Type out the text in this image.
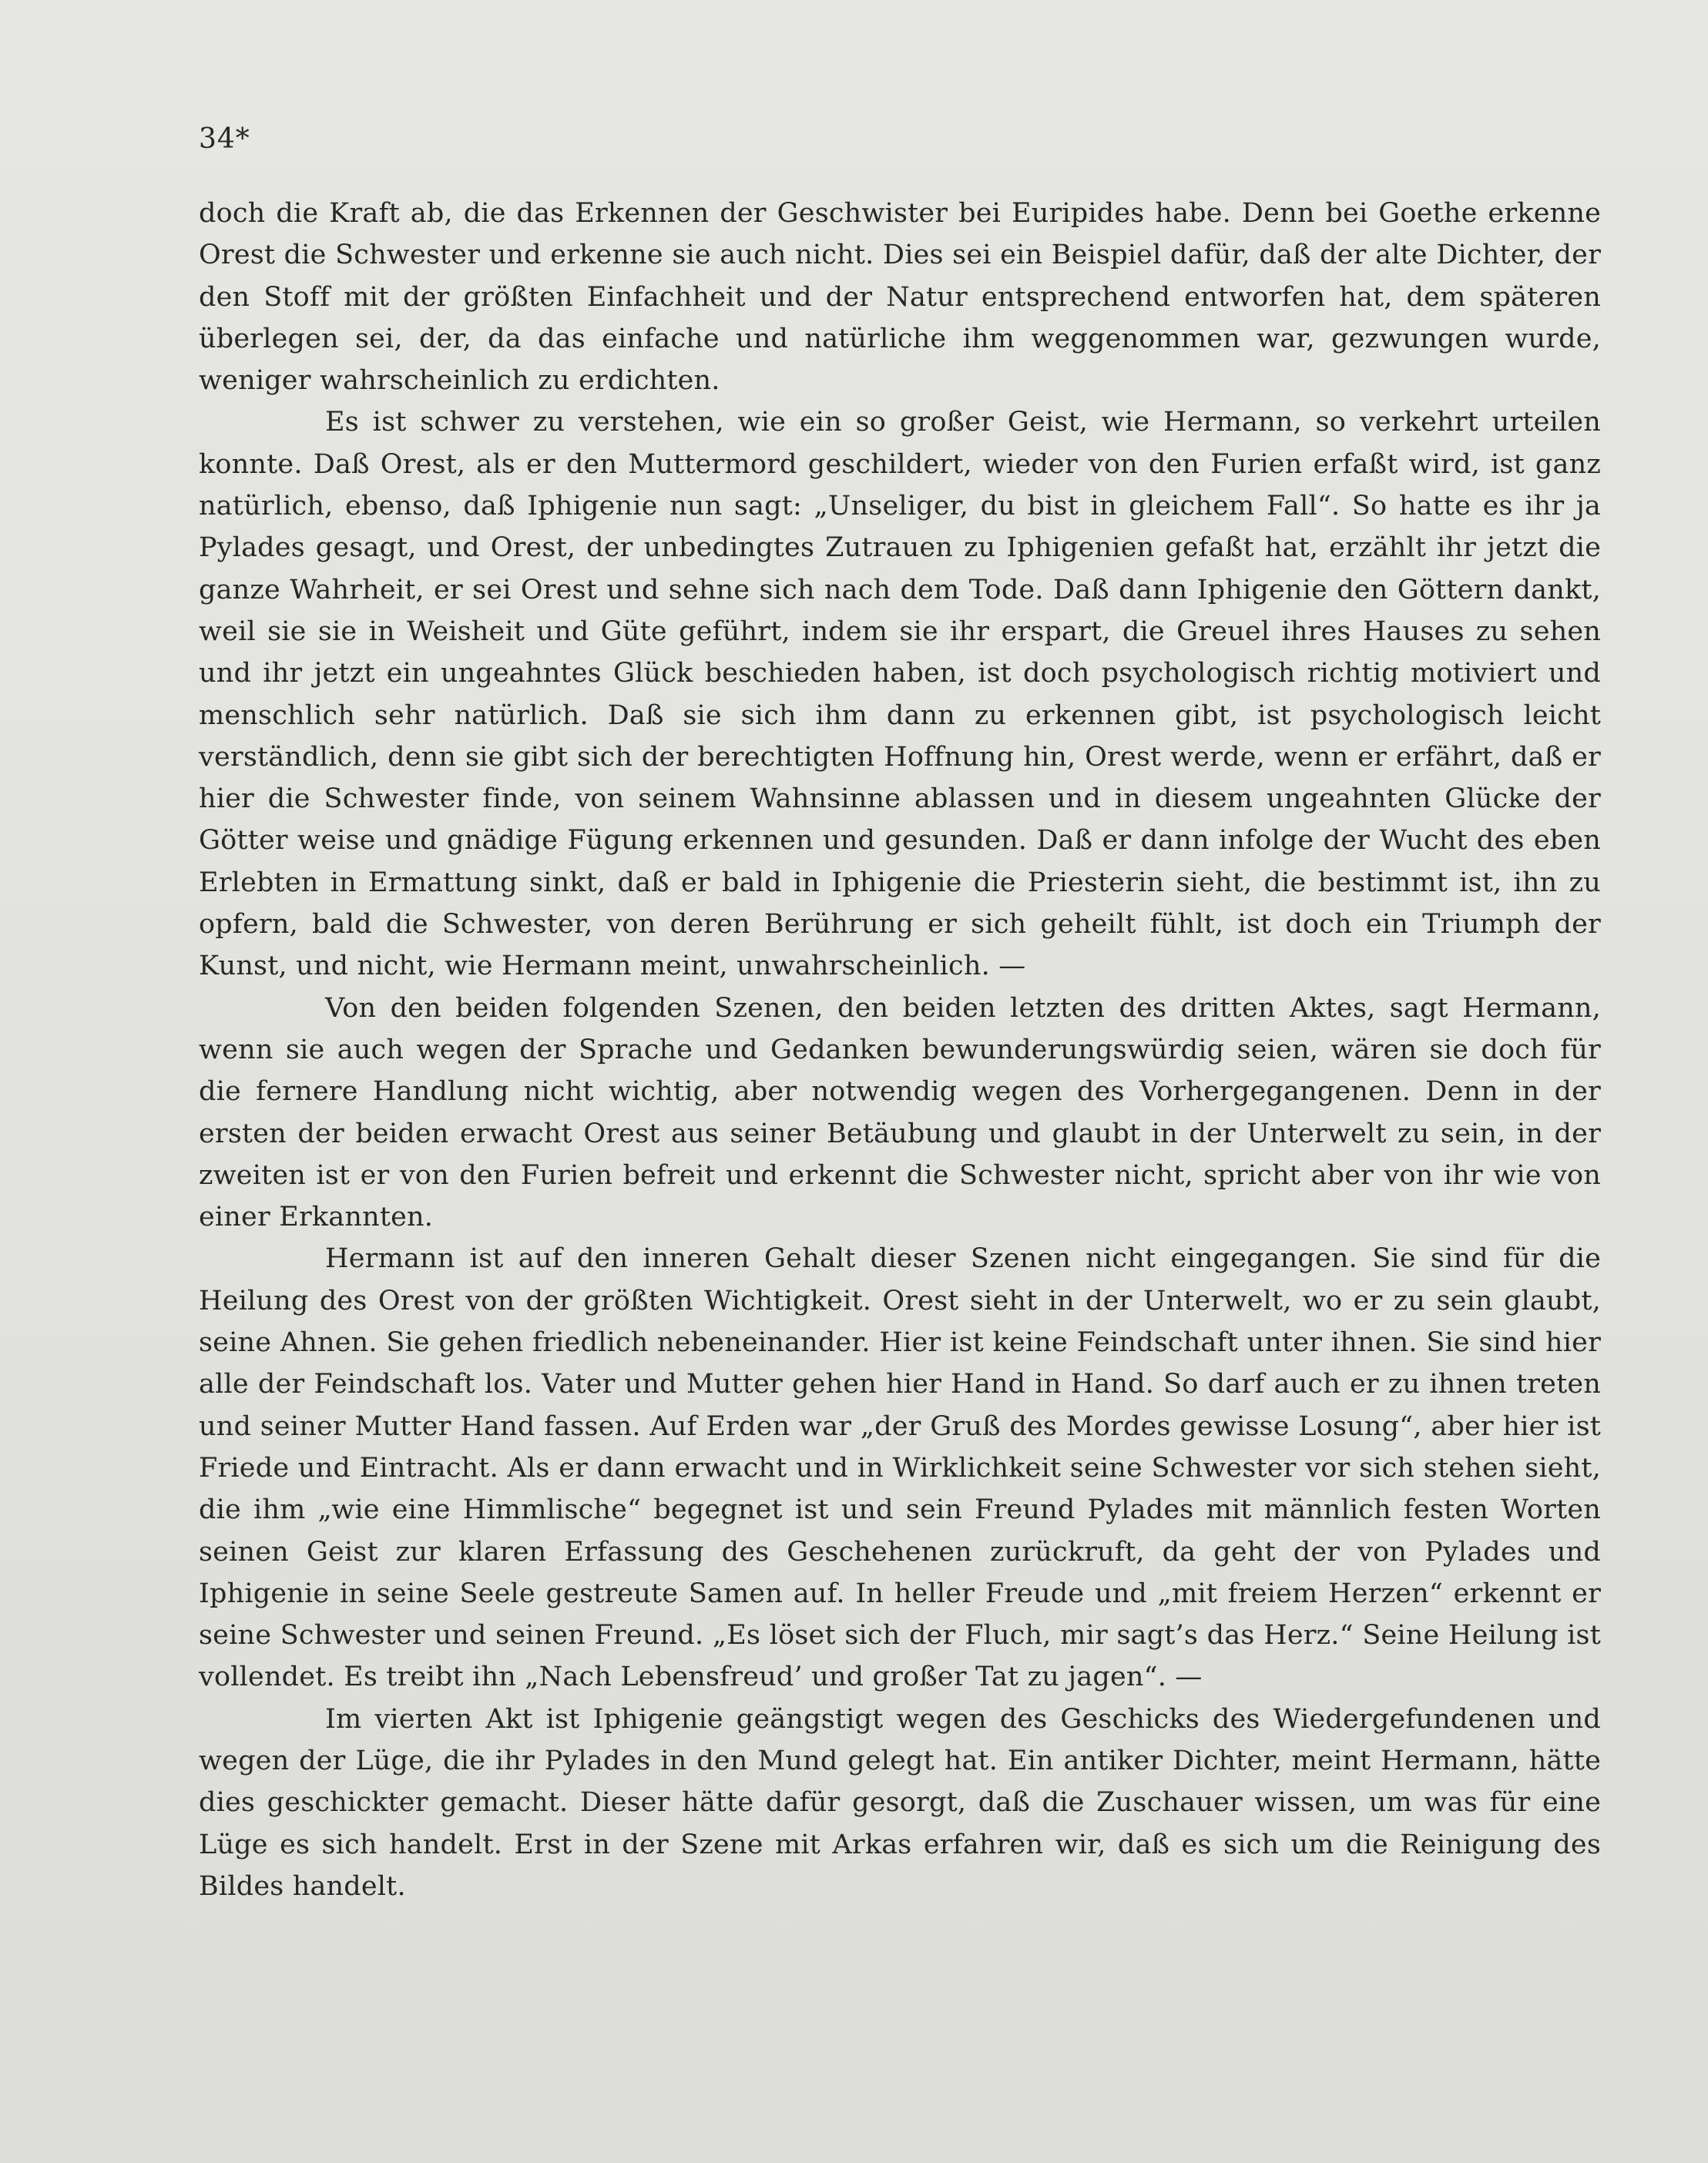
34*

doch die Kraft ab, die das Erkennen der Geschwister bei Euripides habe. Denn bei Goethe erkenne Orest die Schwester und erkenne sie auch nicht. Dies sei ein Beispiel dafür, daß der alte Dichter, der den Stoff mit der größten Einfachheit und der Natur entsprechend entworfen hat, dem späteren überlegen sei, der, da das einfache und natürliche ihm weggenommen war, gezwungen wurde, weniger wahrscheinlich zu erdichten.

Es ist schwer zu verstehen, wie ein so großer Geist, wie Hermann, so verkehrt urteilen konnte. Daß Orest, als er den Muttermord geschildert, wieder von den Furien erfaßt wird, ist ganz natürlich, ebenso, daß Iphigenie nun sagt: „Unseliger, du bist in gleichem Fall“. So hatte es ihr ja Pylades gesagt, und Orest, der unbedingtes Zutrauen zu Iphigenien gefaßt hat, erzählt ihr jetzt die ganze Wahrheit, er sei Orest und sehne sich nach dem Tode. Daß dann Iphigenie den Göttern dankt, weil sie sie in Weisheit und Güte geführt, indem sie ihr erspart, die Greuel ihres Hauses zu sehen und ihr jetzt ein ungeahntes Glück beschieden haben, ist doch psychologisch richtig motiviert und menschlich sehr natürlich. Daß sie sich ihm dann zu erkennen gibt, ist psychologisch leicht verständlich, denn sie gibt sich der berechtigten Hoffnung hin, Orest werde, wenn er erfährt, daß er hier die Schwester finde, von seinem Wahnsinne ablassen und in diesem ungeahnten Glücke der Götter weise und gnädige Fügung erkennen und gesunden. Daß er dann infolge der Wucht des eben Erlebten in Ermattung sinkt, daß er bald in Iphigenie die Priesterin sieht, die bestimmt ist, ihn zu opfern, bald die Schwester, von deren Berührung er sich geheilt fühlt, ist doch ein Triumph der Kunst, und nicht, wie Hermann meint, unwahrscheinlich. —

Von den beiden folgenden Szenen, den beiden letzten des dritten Aktes, sagt Hermann, wenn sie auch wegen der Sprache und Gedanken bewunderungswürdig seien, wären sie doch für die fernere Handlung nicht wichtig, aber notwendig wegen des Vorhergegangenen. Denn in der ersten der beiden erwacht Orest aus seiner Betäubung und glaubt in der Unterwelt zu sein, in der zweiten ist er von den Furien befreit und erkennt die Schwester nicht, spricht aber von ihr wie von einer Erkannten.

Hermann ist auf den inneren Gehalt dieser Szenen nicht eingegangen. Sie sind für die Heilung des Orest von der größten Wichtigkeit. Orest sieht in der Unterwelt, wo er zu sein glaubt, seine Ahnen. Sie gehen friedlich nebeneinander. Hier ist keine Feindschaft unter ihnen. Sie sind hier alle der Feindschaft los. Vater und Mutter gehen hier Hand in Hand. So darf auch er zu ihnen treten und seiner Mutter Hand fassen. Auf Erden war „der Gruß des Mordes gewisse Losung“, aber hier ist Friede und Eintracht. Als er dann erwacht und in Wirklichkeit seine Schwester vor sich stehen sieht, die ihm „wie eine Himmlische“ begegnet ist und sein Freund Pylades mit männlich festen Worten seinen Geist zur klaren Erfassung des Geschehenen zurückruft, da geht der von Pylades und Iphigenie in seine Seele gestreute Samen auf. In heller Freude und „mit freiem Herzen“ erkennt er seine Schwester und seinen Freund. „Es löset sich der Fluch, mir sagt’s das Herz.“ Seine Heilung ist vollendet. Es treibt ihn „Nach Lebensfreud’ und großer Tat zu jagen“. —

Im vierten Akt ist Iphigenie geängstigt wegen des Geschicks des Wiedergefundenen und wegen der Lüge, die ihr Pylades in den Mund gelegt hat. Ein antiker Dichter, meint Hermann, hätte dies geschickter gemacht. Dieser hätte dafür gesorgt, daß die Zuschauer wissen, um was für eine Lüge es sich handelt. Erst in der Szene mit Arkas erfahren wir, daß es sich um die Reinigung des Bildes handelt.
